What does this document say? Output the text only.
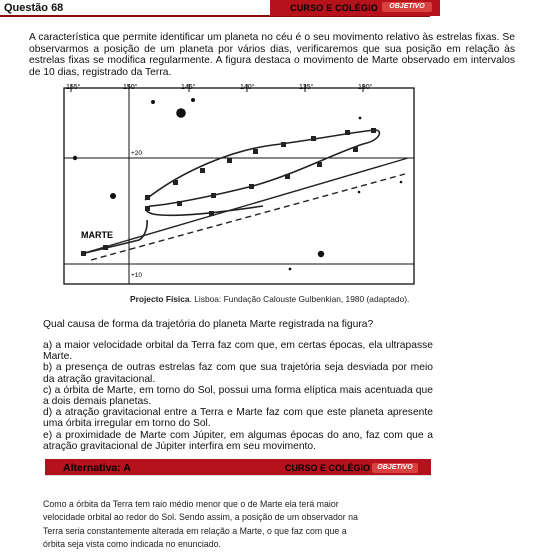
Questão 68	CURSO E COLÉGIO	OBJETIVO
A característica que permite identificar um planeta no céu é o seu movimento relativo às estrelas fixas. Se observarmos a posição de um planeta por vários dias, verificaremos que sua posição em relação às estrelas fixas se modifica regularmente. A figura destaca o movimento de Marte observado em intervalos de 10 dias, registrado da Terra.
155°	150°	145°	140°	135°	130°
+20
+10
MARTE
Projecto Física. Lisboa: Fundação Calouste Gulbenkian, 1980 (adaptado).
Qual causa de forma da trajetória do planeta Marte registrada na figura?

a) a maior velocidade orbital da Terra faz com que, em certas épocas, ela ultrapasse Marte.

b) a presença de outras estrelas faz com que sua trajetória seja desviada por meio da atração gravitacional.

c) a órbita de Marte, em torno do Sol, possui uma forma elíptica mais acentuada que a dois demais planetas.

d) a atração gravitacional entre a Terra e Marte faz com que este planeta apresente uma órbita irregular em torno do Sol.

e) a proximidade de Marte com Júpiter, em algumas épocas do ano, faz com que a atração gravitacional de Júpiter interfira em seu movimento.

Alternativa: A	CURSO E COLÉGIO	OBJETIVO
Como a órbita da Terra tem raio médio menor que o de Marte ela terá maior
velocidade orbital ao redor do Sol. Sendo assim, a posição de um observador na
Terra seria constantemente alterada em relação a Marte, o que faz com que a
órbita seja vista como indicada no enunciado.
